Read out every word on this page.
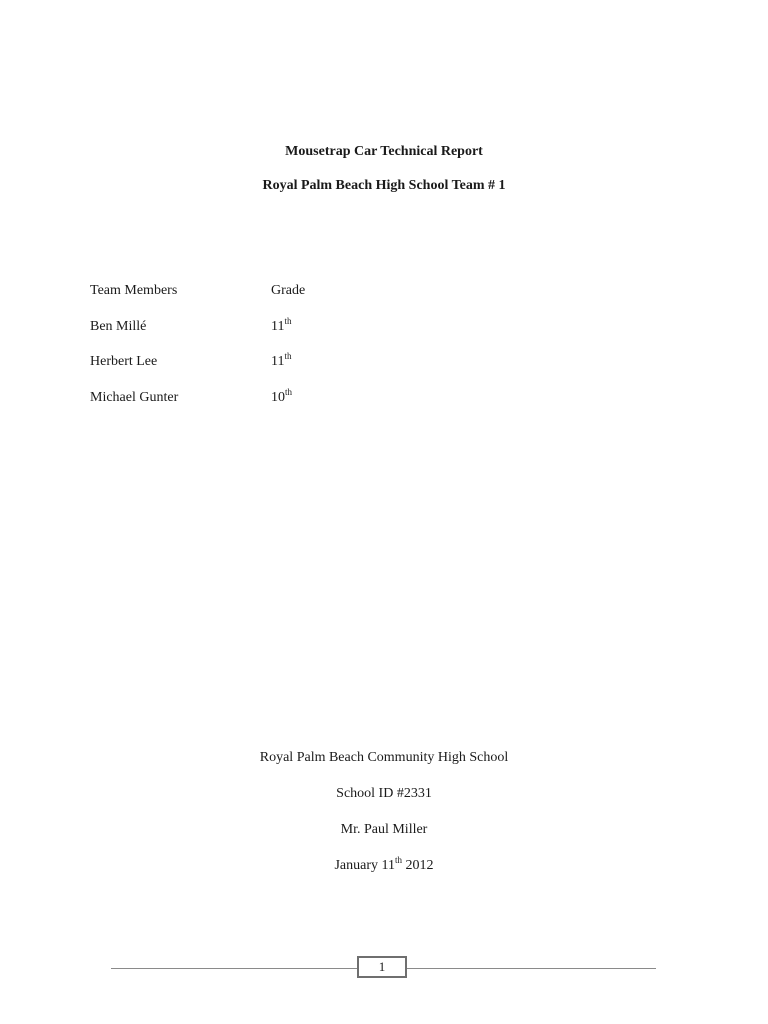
Mousetrap Car Technical Report
Royal Palm Beach High School Team # 1
Team Members	Grade
Ben Millé	11th
Herbert Lee	11th
Michael Gunter	10th
Royal Palm Beach Community High School
School ID #2331
Mr. Paul Miller
January 11th 2012
1
